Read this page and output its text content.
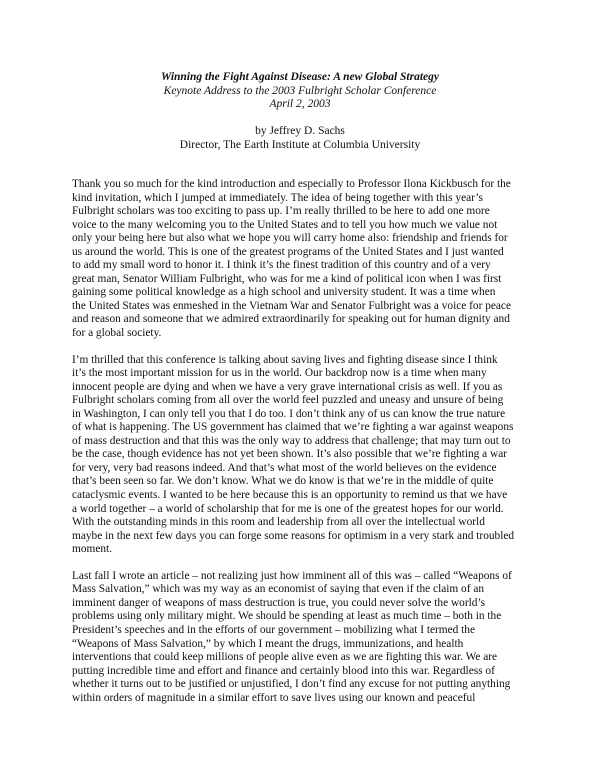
Winning the Fight Against Disease: A new Global Strategy
Keynote Address to the 2003 Fulbright Scholar Conference
April 2, 2003
by Jeffrey D. Sachs
Director, The Earth Institute at Columbia University
Thank you so much for the kind introduction and especially to Professor Ilona Kickbusch for the
kind invitation, which I jumped at immediately. The idea of being together with this year’s
Fulbright scholars was too exciting to pass up. I’m really thrilled to be here to add one more
voice to the many welcoming you to the United States and to tell you how much we value not
only your being here but also what we hope you will carry home also: friendship and friends for
us around the world. This is one of the greatest programs of the United States and I just wanted
to add my small word to honor it. I think it’s the finest tradition of this country and of a very
great man, Senator William Fulbright, who was for me a kind of political icon when I was first
gaining some political knowledge as a high school and university student. It was a time when
the United States was enmeshed in the Vietnam War and Senator Fulbright was a voice for peace
and reason and someone that we admired extraordinarily for speaking out for human dignity and
for a global society.
I’m thrilled that this conference is talking about saving lives and fighting disease since I think
it’s the most important mission for us in the world. Our backdrop now is a time when many
innocent people are dying and when we have a very grave international crisis as well. If you as
Fulbright scholars coming from all over the world feel puzzled and uneasy and unsure of being
in Washington, I can only tell you that I do too. I don’t think any of us can know the true nature
of what is happening. The US government has claimed that we’re fighting a war against weapons
of mass destruction and that this was the only way to address that challenge; that may turn out to
be the case, though evidence has not yet been shown. It’s also possible that we’re fighting a war
for very, very bad reasons indeed. And that’s what most of the world believes on the evidence
that’s been seen so far. We don’t know. What we do know is that we’re in the middle of quite
cataclysmic events. I wanted to be here because this is an opportunity to remind us that we have
a world together – a world of scholarship that for me is one of the greatest hopes for our world.
With the outstanding minds in this room and leadership from all over the intellectual world
maybe in the next few days you can forge some reasons for optimism in a very stark and troubled
moment.
Last fall I wrote an article – not realizing just how imminent all of this was – called “Weapons of
Mass Salvation,” which was my way as an economist of saying that even if the claim of an
imminent danger of weapons of mass destruction is true, you could never solve the world’s
problems using only military might. We should be spending at least as much time – both in the
President’s speeches and in the efforts of our government – mobilizing what I termed the
“Weapons of Mass Salvation,” by which I meant the drugs, immunizations, and health
interventions that could keep millions of people alive even as we are fighting this war. We are
putting incredible time and effort and finance and certainly blood into this war. Regardless of
whether it turns out to be justified or unjustified, I don’t find any excuse for not putting anything
within orders of magnitude in a similar effort to save lives using our known and peaceful
